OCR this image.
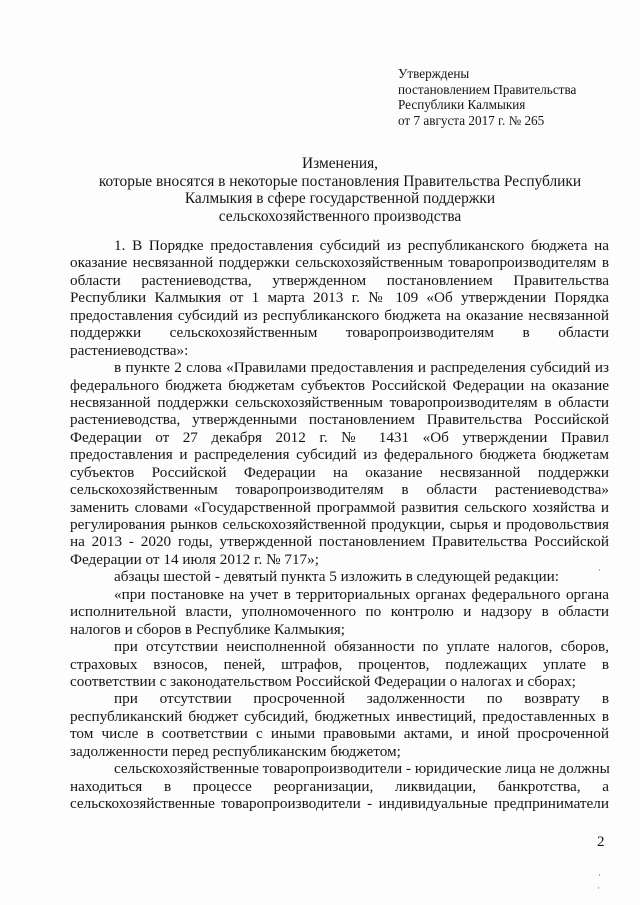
Утверждены
постановлением Правительства
Республики Калмыкия
от 7 августа 2017 г. № 265
Изменения,
которые вносятся в некоторые постановления Правительства Республики
Калмыкия в сфере государственной поддержки
сельскохозяйственного производства
1. В Порядке предоставления субсидий из республиканского бюджета на
оказание несвязанной поддержки сельскохозяйственным товаропроизводителям в
области растениеводства, утвержденном постановлением Правительства
Республики Калмыкия от 1 марта 2013 г. № 109 «Об утверждении Порядка
предоставления субсидий из республиканского бюджета на оказание несвязанной
поддержки сельскохозяйственным товаропроизводителям в области
растениеводства»:
в пункте 2 слова «Правилами предоставления и распределения субсидий из
федерального бюджета бюджетам субъектов Российской Федерации на оказание
несвязанной поддержки сельскохозяйственным товаропроизводителям в области
растениеводства, утвержденными постановлением Правительства Российской
Федерации от 27 декабря 2012 г. № 1431 «Об утверждении Правил
предоставления и распределения субсидий из федерального бюджета бюджетам
субъектов Российской Федерации на оказание несвязанной поддержки
сельскохозяйственным товаропроизводителям в области растениеводства»
заменить словами «Государственной программой развития сельского хозяйства и
регулирования рынков сельскохозяйственной продукции, сырья и продовольствия
на 2013 - 2020 годы, утвержденной постановлением Правительства Российской
Федерации от 14 июля 2012 г. № 717»;
абзацы шестой - девятый пункта 5 изложить в следующей редакции:
«при постановке на учет в территориальных органах федерального органа
исполнительной власти, уполномоченного по контролю и надзору в области
налогов и сборов в Республике Калмыкия;
при отсутствии неисполненной обязанности по уплате налогов, сборов,
страховых взносов, пеней, штрафов, процентов, подлежащих уплате в
соответствии с законодательством Российской Федерации о налогах и сборах;
при отсутствии просроченной задолженности по возврату в
республиканский бюджет субсидий, бюджетных инвестиций, предоставленных в
том числе в соответствии с иными правовыми актами, и иной просроченной
задолженности перед республиканским бюджетом;
сельскохозяйственные товаропроизводители - юридические лица не должны
находиться в процессе реорганизации, ликвидации, банкротства, а
сельскохозяйственные товаропроизводители - индивидуальные предприниматели
2
·
·
·
